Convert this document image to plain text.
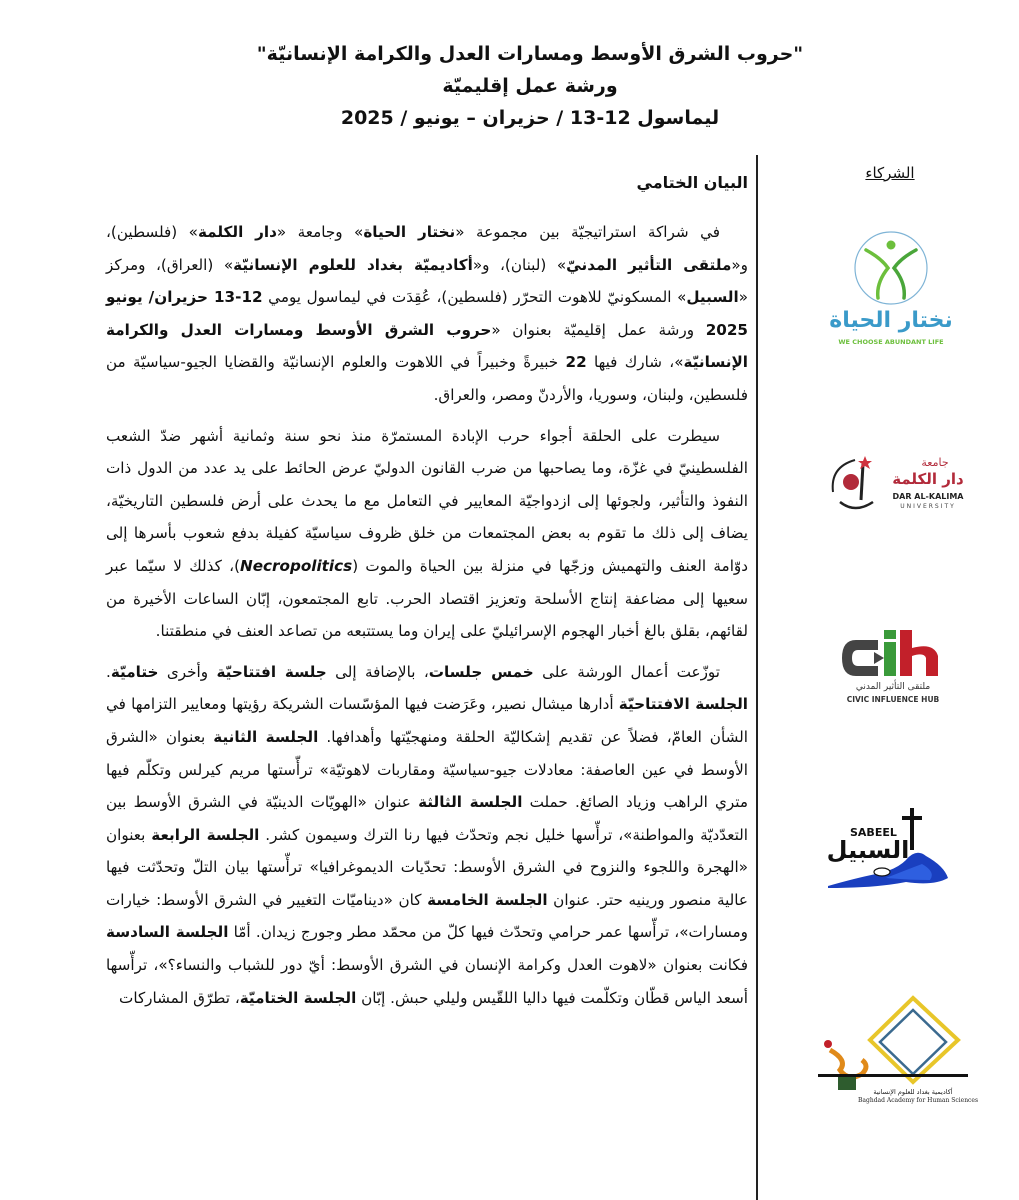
"حروب الشرق الأوسط ومسارات العدل والكرامة الإنسانيّة"
ورشة عمل إقليميّة
ليماسول 12-13 / حزيران – يونيو / 2025
البيان الختامي

في شراكة استراتيجيّة بين مجموعة «نختار الحياة» وجامعة «دار الكلمة» (فلسطين)، و«ملتقى التأثير المدنيّ» (لبنان)، و«أكاديميّة بغداد للعلوم الإنسانيّة» (العراق)، ومركز «السبيل» المسكونيّ للاهوت التحرّر (فلسطين)، عُقِدَت في ليماسول يومي 12-13 حزيران/ يونيو 2025 ورشة عمل إقليميّة بعنوان «حروب الشرق الأوسط ومسارات العدل والكرامة الإنسانيّة»، شارك فيها 22 خبيرةً وخبيراً في اللاهوت والعلوم الإنسانيّة والقضايا الجيو-سياسيّة من فلسطين، ولبنان، وسوريا، والأردنّ ومصر، والعراق.

سيطرت على الحلقة أجواء حرب الإبادة المستمرّة منذ نحو سنة وثمانية أشهر ضدّ الشعب الفلسطينيّ في غزّة، وما يصاحبها من ضرب القانون الدوليّ عرض الحائط على يد عدد من الدول ذات النفوذ والتأثير، ولجوئها إلى ازدواجيّة المعايير في التعامل مع ما يحدث على أرض فلسطين التاريخيّة، يضاف إلى ذلك ما تقوم به بعض المجتمعات من خلق ظروف سياسيّة كفيلة بدفع شعوب بأسرها إلى دوّامة العنف والتهميش وزجّها في منزلة بين الحياة والموت (Necropolitics)، كذلك لا سيّما عبر سعيها إلى مضاعفة إنتاج الأسلحة وتعزيز اقتصاد الحرب. تابع المجتمعون، إبّان الساعات الأخيرة من لقائهم، بقلق بالغ أخبار الهجوم الإسرائيليّ على إيران وما يستتبعه من تصاعد العنف في منطقتنا.

توزّعت أعمال الورشة على خمس جلسات، بالإضافة إلى جلسة افتتاحيّة وأخرى ختاميّة. الجلسة الافتتاحيّة أدارها ميشال نصير، وعَرَضت فيها المؤسّسات الشريكة رؤيتها ومعايير التزامها في الشأن العامّ، فضلاً عن تقديم إشكاليّة الحلقة ومنهجيّتها وأهدافها. الجلسة الثانية بعنوان «الشرق الأوسط في عين العاصفة: معادلات جيو-سياسيّة ومقاربات لاهوتيّة» ترأّستها مريم كيرلس وتكلّم فيها متري الراهب وزياد الصائغ. حملت الجلسة الثالثة عنوان «الهويّات الدينيّة في الشرق الأوسط بين التعدّديّة والمواطنة»، ترأّسها خليل نجم وتحدّث فيها رنا الترك وسيمون كشر. الجلسة الرابعة بعنوان «الهجرة واللجوء والنزوح في الشرق الأوسط: تحدّيات الديموغرافيا» ترأّستها بيان التلّ وتحدّثت فيها عالية منصور ورينيه حتر. عنوان الجلسة الخامسة كان «ديناميّات التغيير في الشرق الأوسط: خيارات ومسارات»، ترأّسها عمر حرامي وتحدّث فيها كلّ من محمّد مطر وجورج زيدان. أمّا الجلسة السادسة فكانت بعنوان «لاهوت العدل وكرامة الإنسان في الشرق الأوسط: أيّ دور للشباب والنساء؟»، ترأّسها أسعد الياس قطّان وتكلّمت فيها داليا اللقّيس وليلي حبش. إبّان الجلسة الختاميّة، تطرّق المشاركات

الشركاء
نختار الحياة
WE CHOOSE ABUNDANT LIFE
جامعة
دار الكلمة
DAR AL-KALIMA
UNIVERSITY
ملتقى التأثير المدني
CIVIC INFLUENCE HUB
SABEEL
السبيل
أكاديمية بغداد للعلوم الإنسانية
Baghdad Academy for Human Sciences
